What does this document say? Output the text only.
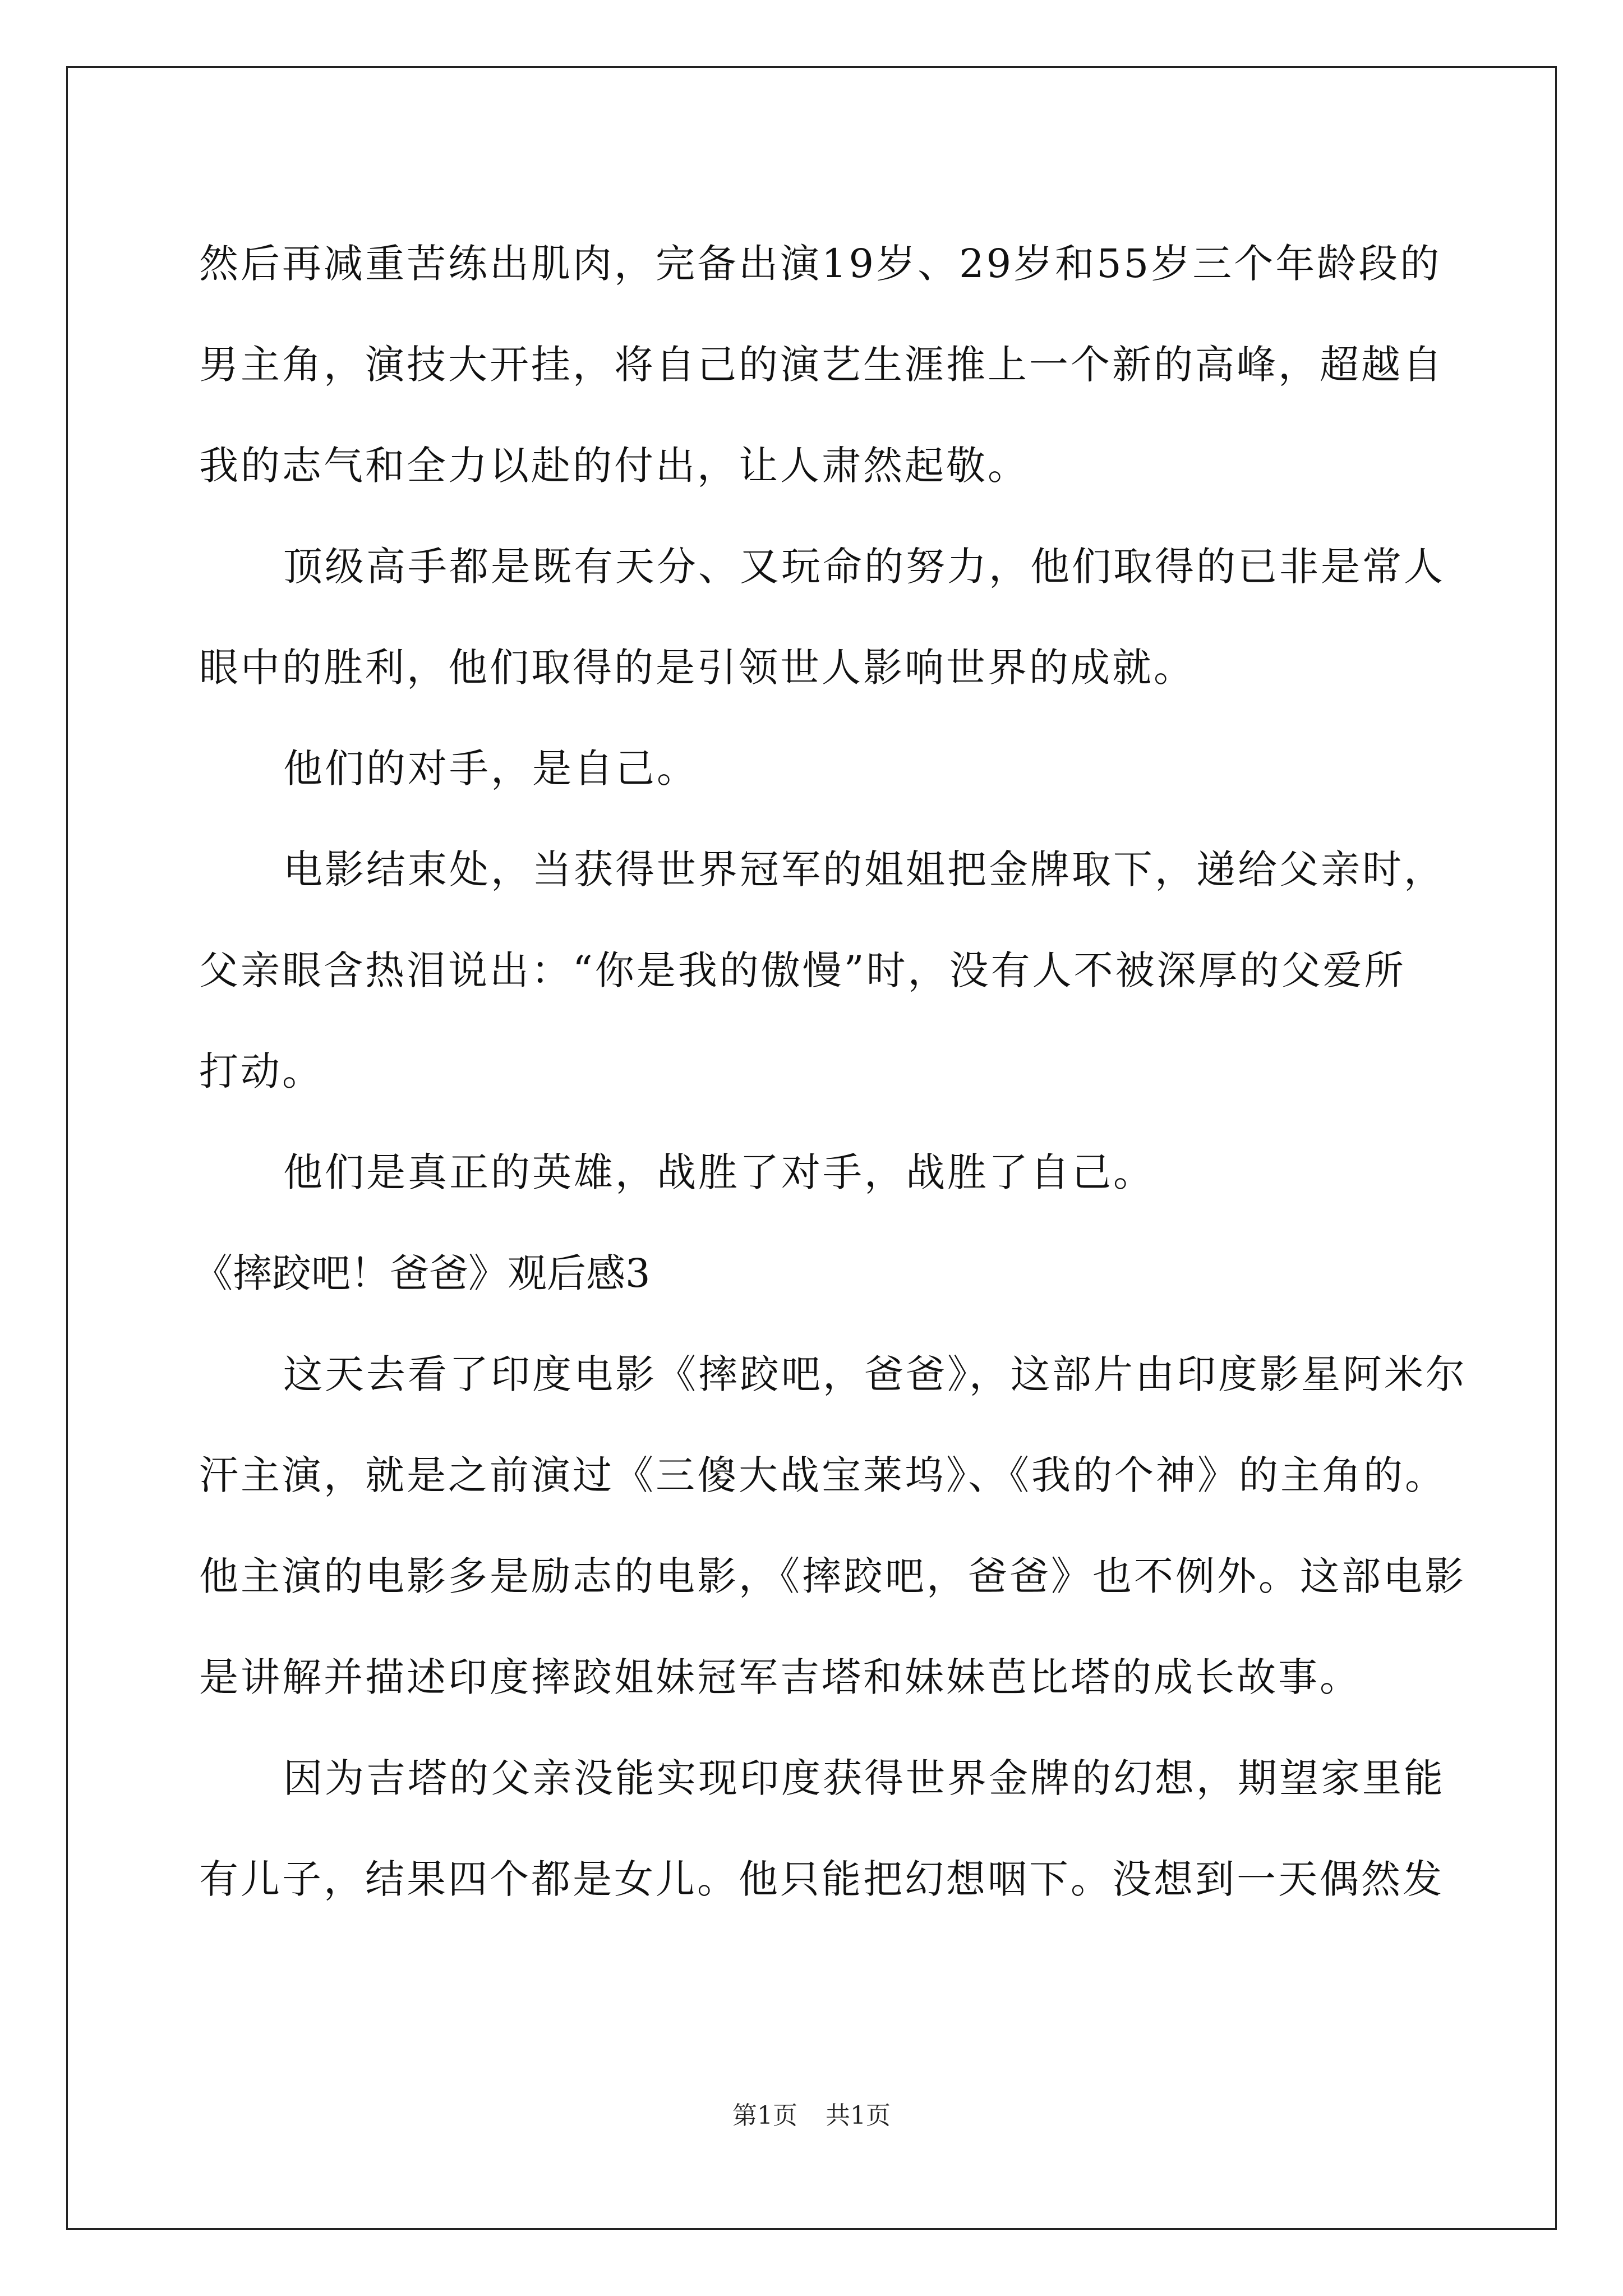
然后再减重苦练出肌肉，完备出演19岁、29岁和55岁三个年龄段的
男主角，演技大开挂，将自己的演艺生涯推上一个新的高峰，超越自
我的志气和全力以赴的付出，让人肃然起敬。
顶级高手都是既有天分、又玩命的努力，他们取得的已非是常人
眼中的胜利，他们取得的是引领世人影响世界的成就。
他们的对手，是自己。
电影结束处，当获得世界冠军的姐姐把金牌取下，递给父亲时，
父亲眼含热泪说出：“你是我的傲慢”时，没有人不被深厚的父爱所
打动。
他们是真正的英雄，战胜了对手，战胜了自己。
《摔跤吧！爸爸》观后感3
这天去看了印度电影《摔跤吧，爸爸》，这部片由印度影星阿米尔
汗主演，就是之前演过《三傻大战宝莱坞》、《我的个神》的主角的。
他主演的电影多是励志的电影，《摔跤吧，爸爸》也不例外。这部电影
是讲解并描述印度摔跤姐妹冠军吉塔和妹妹芭比塔的成长故事。
因为吉塔的父亲没能实现印度获得世界金牌的幻想，期望家里能
有儿子，结果四个都是女儿。他只能把幻想咽下。没想到一天偶然发
第1页 共1页
